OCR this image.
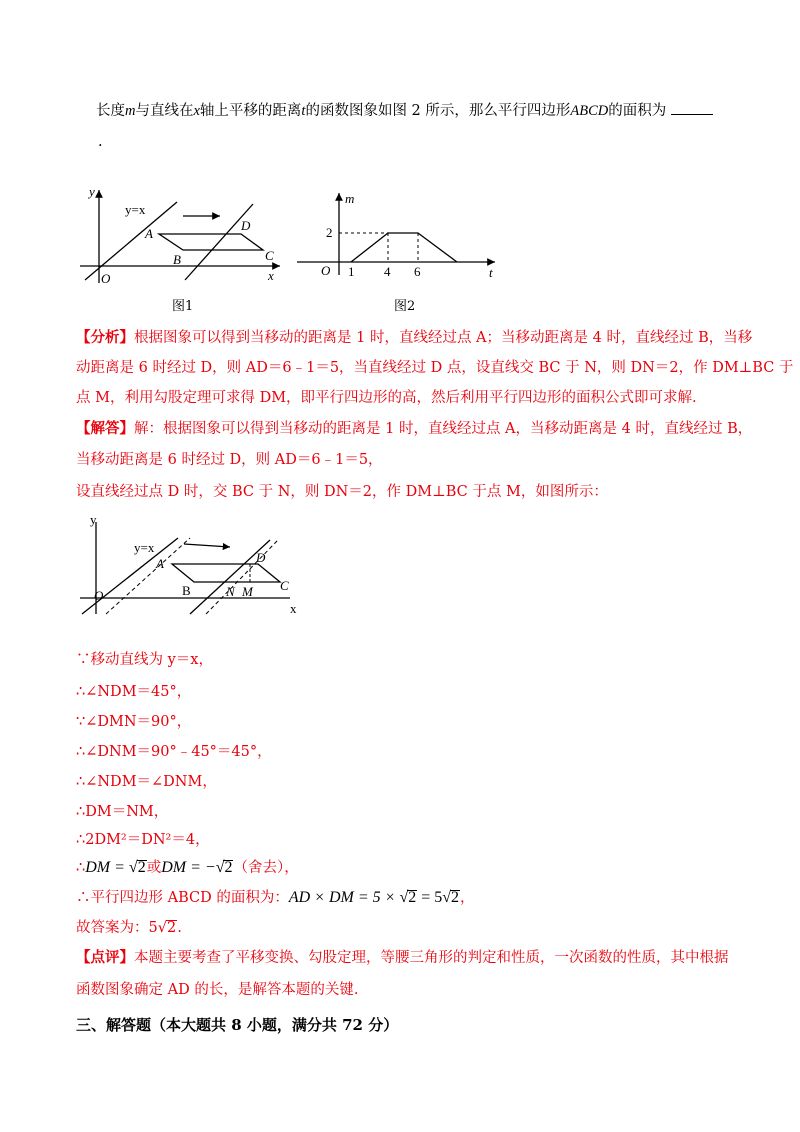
长度m与直线在x轴上平移的距离t的函数图象如图 2 所示，那么平行四边形ABCD的面积为
.
y
x
O
y=x
A
B	C
D
图1
m
t
O
2
1 4 6
图2
【分析】根据图象可以得到当移动的距离是 1 时，直线经过点 A；当移动距离是 4 时，直线经过 B，当移
动距离是 6 时经过 D，则 AD＝6﹣1＝5，当直线经过 D 点，设直线交 BC 于 N，则 DN＝2，作 DM⊥BC 于
点 M，利用勾股定理可求得 DM，即平行四边形的高，然后利用平行四边形的面积公式即可求解.
【解答】解：根据图象可以得到当移动的距离是 1 时，直线经过点 A，当移动距离是 4 时，直线经过 B，
当移动距离是 6 时经过 D，则 AD＝6﹣1＝5，
设直线经过点 D 时，交 BC 于 N，则 DN＝2，作 DM⊥BC 于点 M，如图所示：
y
x
O
y=x
A
B	C
D
N M
∵移动直线为 y＝x，
∴∠NDM＝45°，
∵∠DMN＝90°，
∴∠DNM＝90°﹣45°＝45°，
∴∠NDM＝∠DNM，
∴DM＝NM，
∴2DM²＝DN²＝4，
∴DM = √2或DM = −√2（舍去），
∴平行四边形 ABCD 的面积为：AD × DM = 5 × √2 = 5√2，
故答案为：5√2.
【点评】本题主要考查了平移变换、勾股定理，等腰三角形的判定和性质，一次函数的性质，其中根据
函数图象确定 AD 的长，是解答本题的关键.
三、解答题（本大题共 8 小题，满分共 72 分）
